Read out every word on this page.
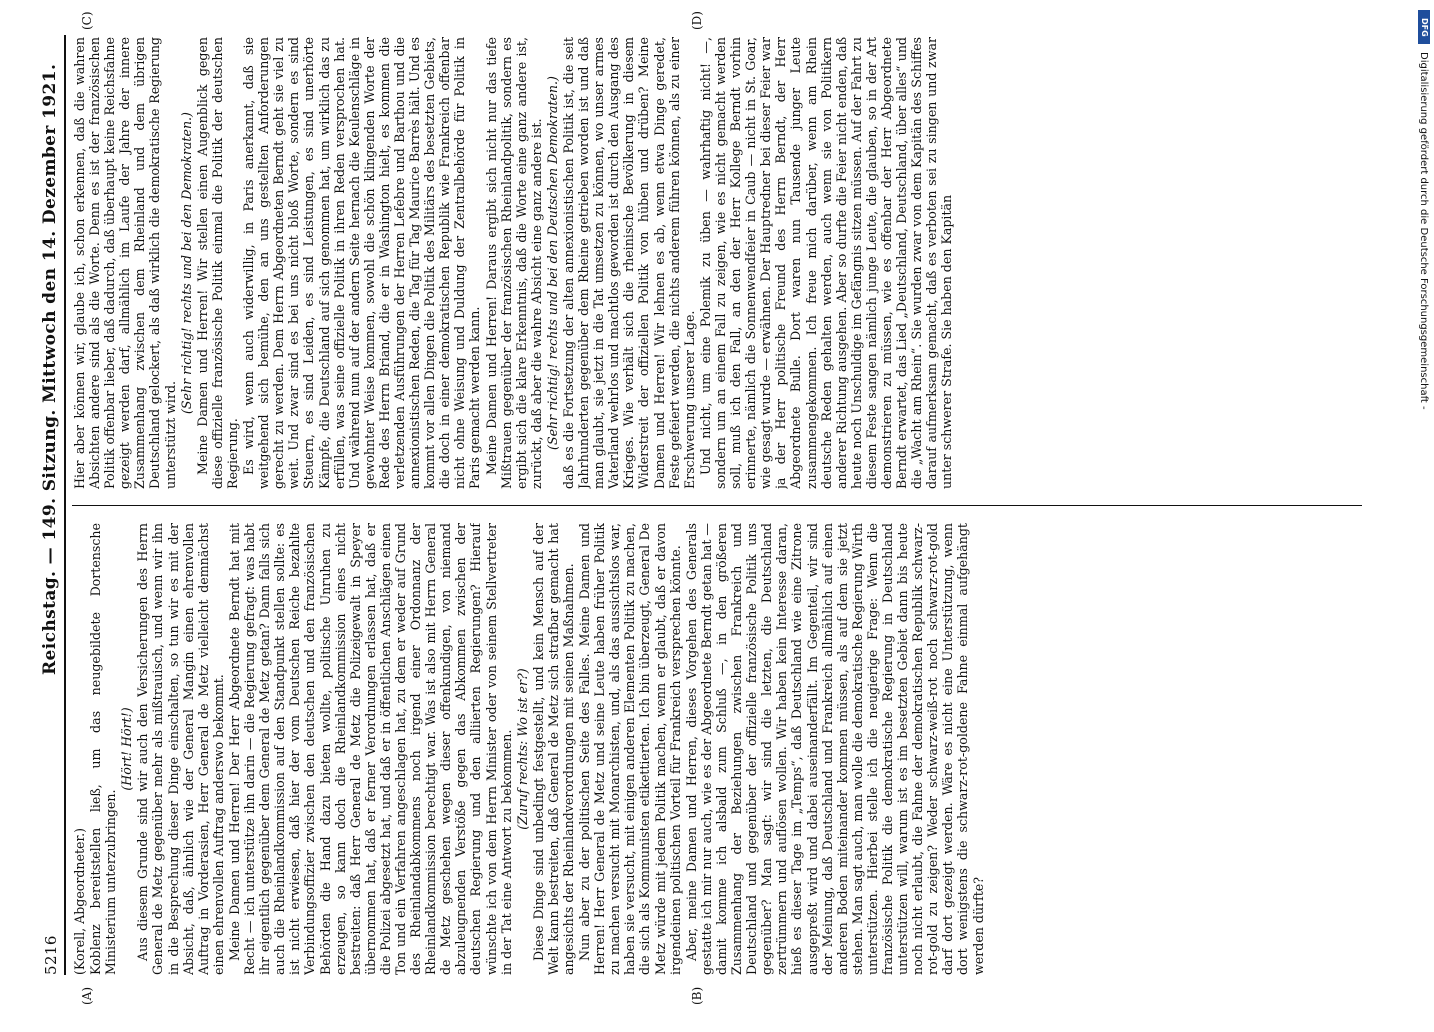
5216
Reichstag. — 149. Sitzung. Mittwoch den 14. Dezember 1921.
(A)	(B)
(C)	(D)

(Korell, Abgeordneter.) Koblenz bereitstellen ließ, um das neugebildete Dortensche Ministerium unterzubringen.

(Hört! Hört!) Aus diesem Grunde sind wir auch den Versicherungen des Herrn General de Metz gegenüber mehr als mißtrauisch, und wenn wir ihn in die Besprechung dieser Dinge einschalten, so tun wir es mit der Absicht, daß, ähnlich wie der General Mangin einen ehrenvollen Auftrag in Vorderasien, Herr General de Metz vielleicht demnächst einen ehrenvollen Auftrag anderswo bekommt. Meine Damen und Herren! Der Herr Abgeordnete Berndt hat mit Recht — ich unterstütze ihn darin — die Regierung gefragt: was habt ihr eigentlich gegenüber dem General de Metz getan? Dann falls sich auch die Rheinlandkommission auf den Standpunkt stellen sollte: es ist nicht erwiesen, daß hier der vom Deutschen Reiche bezahlte Verbindungsoffizier zwischen den deutschen und den französischen Behörden die Hand dazu bieten wollte, politische Unruhen zu erzeugen, so kann doch die Rheinlandkommission eines nicht bestreiten: daß Herr General de Metz die Polizeigewalt in Speyer übernommen hat, daß er ferner Verordnungen erlassen hat, daß er die Polizei abgesetzt hat, und daß er in öffentlichen Anschlägen einen Ton und ein Verfahren angeschlagen hat, zu dem er weder auf Grund des Rheinlandabkommens noch irgend einer Ordonnanz der Rheinlandkommission berechtigt war. Was ist also mit Herrn General de Metz geschehen wegen dieser offenkundigen, von niemand abzuleugnenden Verstöße gegen das Abkommen zwischen der deutschen Regierung und den alliierten Regierungen? Hierauf wünschte ich von dem Herrn Minister oder von seinem Stellvertreter in der Tat eine Antwort zu bekommen. (Zuruf rechts: Wo ist er?) Diese Dinge sind unbedingt festgestellt, und kein Mensch auf der Welt kann bestreiten, daß General de Metz sich strafbar gemacht hat angesichts der Rheinlandverordnungen mit seinen Maßnahmen. Nun aber zu der politischen Seite des Falles. Meine Damen und Herren! Herr General de Metz und seine Leute haben früher Politik zu machen versucht mit Monarchisten, und, als das aussichtslos war, haben sie versucht, mit einigen anderen Elementen Politik zu machen, die sich als Kommunisten etikettierten. Ich bin überzeugt, General De Metz würde mit jedem Politik machen, wenn er glaubt, daß er davon irgendeinen politischen Vorteil für Frankreich versprechen könnte. Aber, meine Damen und Herren, dieses Vorgehen des Generals gestatte ich mir nur auch, wie es der Abgeordnete Berndt getan hat — damit komme ich alsbald zum Schluß —, in den größeren Zusammenhang der Beziehungen zwischen Frankreich und Deutschland und gegenüber der offizielle französische Politik uns gegenüber? Man sagt: wir sind die letzten, die Deutschland zertrümmern und auflösen wollen. Wir haben kein Interesse daran, hieß es dieser Tage im „Temps“, daß Deutschland wie eine Zitrone ausgepreßt wird und dabei auseinanderfällt. Im Gegenteil, wir sind der Meinung, daß Deutschland und Frankreich allmählich auf einen anderen Boden miteinander kommen müssen, als auf dem sie jetzt stehen. Man sagt auch, man wolle die demokratische Regierung Wirth unterstützen. Hierbei stelle ich die neugierige Frage: Wenn die französische Politik die demokratische Regierung in Deutschland unterstützen will, warum ist es im besetzten Gebiet dann bis heute noch nicht erlaubt, die Fahne der demokratischen Republik schwarz-rot-gold zu zeigen? Weder schwarz-weiß-rot noch schwarz-rot-gold darf dort gezeigt werden. Wäre es nicht eine Unterstützung, wenn dort wenigstens die schwarz-rot-goldene Fahne einmal aufgehängt werden dürfte?

Hier aber können wir, glaube ich, schon erkennen, daß die wahren Absichten andere sind als die Worte. Denn es ist der französischen Politik offenbar lieber, daß dadurch, daß überhaupt keine Reichsfahne gezeigt werden darf, allmählich im Laufe der Jahre der innere Zusammenhang zwischen dem Rheinland und dem übrigen Deutschland gelockert, als daß wirklich die demokratische Regierung unterstützt wird.

(Sehr richtig! rechts und bei den Demokraten.) Meine Damen und Herren! Wir stellen einen Augenblick gegen diese offizielle französische Politik einmal die Politik der deutschen Regierung. Es wird, wenn auch widerwillig, in Paris anerkannt, daß sie weitgehend sich bemühe, den an uns gestellten Anforderungen gerecht zu werden. Dem Herrn Abgeordneten Berndt geht sie viel zu weit. Und zwar sind es bei uns nicht bloß Worte, sondern es sind Steuern, es sind Leiden, es sind Leistungen, es sind unerhörte Kämpfe, die Deutschland auf sich genommen hat, um wirklich das zu erfüllen, was seine offizielle Politik in ihren Reden versprochen hat. Und während nun auf der andern Seite hernach die Keulenschläge in gewohnter Weise kommen, sowohl die schön klingenden Worte der Rede des Herrn Briand, die er in Washington hielt, es kommen die verletzenden Ausführungen der Herren Lefebre und Barthou und die annexionistischen Reden, die Tag für Tag Maurice Barrès hält. Und es kommt vor allen Dingen die Politik des Militärs des besetzten Gebiets, die doch in einer demokratischen Republik wie Frankreich offenbar nicht ohne Weisung und Duldung der Zentralbehörde für Politik in Paris gemacht werden kann. Meine Damen und Herren! Daraus ergibt sich nicht nur das tiefe Mißtrauen gegenüber der französischen Rheinlandpolitik, sondern es ergibt sich die klare Erkenntnis, daß die Worte eine ganz andere ist, zurückt, daß aber die wahre Absicht eine ganz andere ist. (Sehr richtig! rechts und bei den Deutschen Demokraten.) daß es die Fortsetzung der alten annexionistischen Politik ist, die seit Jahrhunderten gegenüber dem Rheine getrieben worden ist und daß man glaubt, sie jetzt in die Tat umsetzen zu können, wo unser armes Vaterland wehrlos und machtlos geworden ist durch den Ausgang des Krieges. Wie verhält sich die rheinische Bevölkerung in diesem Widerstreit der offiziellen Politik von hüben und drüben? Meine Damen und Herren! Wir lehnen es ab, wenn etwa Dinge geredet, Feste gefeiert werden, die nichts anderem führen können, als zu einer Erschwerung unserer Lage. Und nicht, um eine Polemik zu üben — wahrhaftig nicht! —, sondern um an einem Fall zu zeigen, wie es nicht gemacht werden soll, muß ich den Fall, an den der Herr Kollege Berndt vorhin erinnerte, nämlich die Sonnenwendfeier in Caub — nicht in St. Goar, wie gesagt wurde — erwähnen. Der Hauptredner bei dieser Feier war ja der Herr politische Freund des Herrn Berndt, der Herr Abgeordnete Bulle. Dort waren nun Tausende junger Leute zusammengekommen. Ich freue mich darüber, wenn am Rhein deutsche Reden gehalten werden, auch wenn sie von Politikern anderer Richtung ausgehen. Aber so durfte die Feier nicht enden, daß heute noch Unschuldige im Gefängnis sitzen müssen. Auf der Fahrt zu diesem Feste sangen nämlich junge Leute, die glauben, so in der Art demonstrieren zu müssen, wie es offenbar der Herr Abgeordnete Berndt erwartet, das Lied „Deutschland, Deutschland, über alles“ und die „Wacht am Rhein“. Sie wurden zwar von dem Kapitän des Schiffes darauf aufmerksam gemacht, daß es verboten sei zu singen und zwar unter schwerer Strafe. Sie haben den Kapitän

DFG
Digitalisierung gefördert durch die Deutsche Forschungsgemeinschaft -
